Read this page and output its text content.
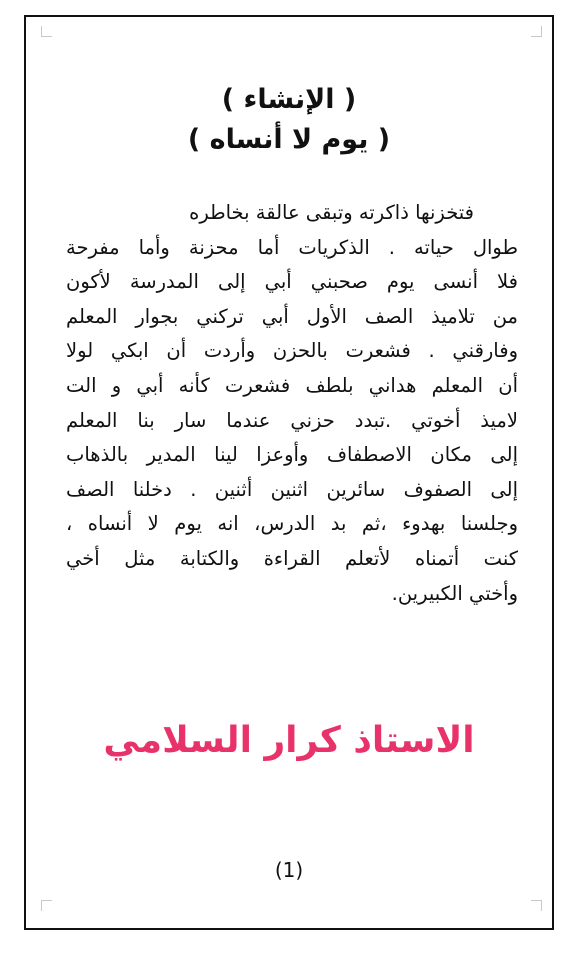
( الإنشاء )
( يوم لا أنساه )
فتخزنها ذاكرته وتبقى عالقة بخاطره
طوال حياته . الذكريات أما محزنة وأما مفرحة
فلا أنسى يوم صحبني أبي إلى المدرسة لأكون
من تلاميذ الصف الأول أبي تركني بجوار المعلم
وفارقني . فشعرت بالحزن وأردت أن ابكي لولا
أن المعلم هداني بلطف فشعرت كأنه أبي و الت
لاميذ أخوتي .تبدد حزني عندما سار بنا المعلم
إلى مكان الاصطفاف وأوعزا لينا المدير بالذهاب
إلى الصفوف سائرين اثنين أثنين . دخلنا الصف
وجلسنا بهدوء ،ثم بد الدرس، انه يوم لا أنساه ،
كنت أتمناه لأتعلم القراءة والكتابة مثل أخي
وأختي الكبيرين.
الاستاذ كرار السلامي
(1)
